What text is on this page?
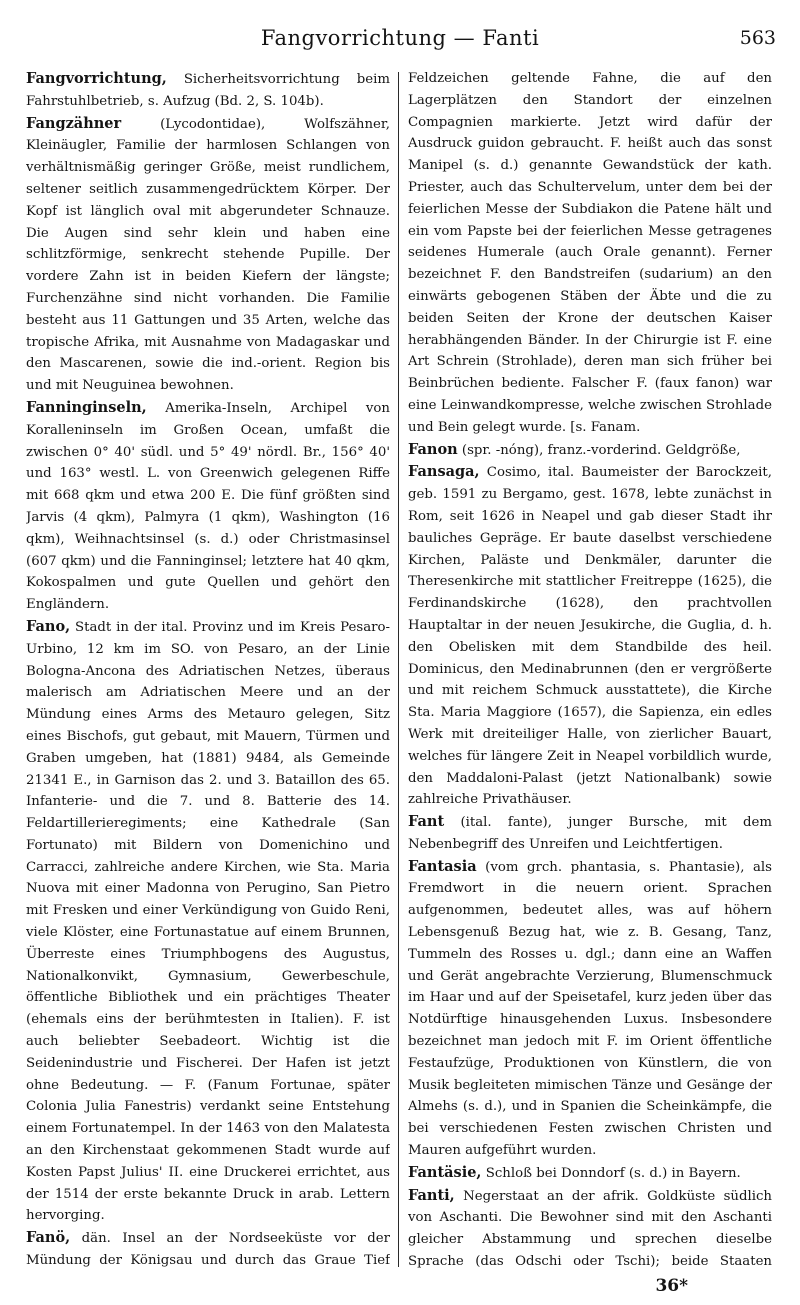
Fangvorrichtung — Fanti	563

Fangvorrichtung, Sicherheitsvorrichtung beim Fahrstuhlbetrieb, s. Aufzug (Bd. 2, S. 104b).

Fangzähner (Lycodontidae), Wolfszähner, Kleinäugler, Familie der harmlosen Schlangen von verhältnismäßig geringer Größe, meist rundlichem, seltener seitlich zusammengedrücktem Körper. Der Kopf ist länglich oval mit abgerundeter Schnauze. Die Augen sind sehr klein und haben eine schlitzförmige, senkrecht stehende Pupille. Der vordere Zahn ist in beiden Kiefern der längste; Furchenzähne sind nicht vorhanden. Die Familie besteht aus 11 Gattungen und 35 Arten, welche das tropische Afrika, mit Ausnahme von Madagaskar und den Mascarenen, sowie die ind.-orient. Region bis und mit Neuguinea bewohnen.

Fanninginseln, Amerika-Inseln, Archipel von Koralleninseln im Großen Ocean, umfaßt die zwischen 0° 40' südl. und 5° 49' nördl. Br., 156° 40' und 163° westl. L. von Greenwich gelegenen Riffe mit 668 qkm und etwa 200 E. Die fünf größten sind Jarvis (4 qkm), Palmyra (1 qkm), Washington (16 qkm), Weihnachtsinsel (s. d.) oder Christmasinsel (607 qkm) und die Fanninginsel; letztere hat 40 qkm, Kokospalmen und gute Quellen und gehört den Engländern.

Fano, Stadt in der ital. Provinz und im Kreis Pesaro-Urbino, 12 km im SO. von Pesaro, an der Linie Bologna-Ancona des Adriatischen Netzes, überaus malerisch am Adriatischen Meere und an der Mündung eines Arms des Metauro gelegen, Sitz eines Bischofs, gut gebaut, mit Mauern, Türmen und Graben umgeben, hat (1881) 9484, als Gemeinde 21341 E., in Garnison das 2. und 3. Bataillon des 65. Infanterie- und die 7. und 8. Batterie des 14. Feldartillerieregiments; eine Kathedrale (San Fortunato) mit Bildern von Domenichino und Carracci, zahlreiche andere Kirchen, wie Sta. Maria Nuova mit einer Madonna von Perugino, San Pietro mit Fresken und einer Verkündigung von Guido Reni, viele Klöster, eine Fortunastatue auf einem Brunnen, Überreste eines Triumphbogens des Augustus, Nationalkonvikt, Gymnasium, Gewerbeschule, öffentliche Bibliothek und ein prächtiges Theater (ehemals eins der berühmtesten in Italien). F. ist auch beliebter Seebadeort. Wichtig ist die Seidenindustrie und Fischerei. Der Hafen ist jetzt ohne Bedeutung. — F. (Fanum Fortunae, später Colonia Julia Fanestris) verdankt seine Entstehung einem Fortunatempel. In der 1463 von den Malatesta an den Kirchenstaat gekommenen Stadt wurde auf Kosten Papst Julius' II. eine Druckerei errichtet, aus der 1514 der erste bekannte Druck in arab. Lettern hervorging.

Fanö, dän. Insel an der Nordseeküste vor der Mündung der Königsau und durch das Graue Tief

Feldzeichen geltende Fahne, die auf den Lagerplätzen den Standort der einzelnen Compagnien markierte. Jetzt wird dafür der Ausdruck guidon gebraucht. F. heißt auch das sonst Manipel (s. d.) genannte Gewandstück der kath. Priester, auch das Schultervelum, unter dem bei der feierlichen Messe der Subdiakon die Patene hält und ein vom Papste bei der feierlichen Messe getragenes seidenes Humerale (auch Orale genannt). Ferner bezeichnet F. den Bandstreifen (sudarium) an den einwärts gebogenen Stäben der Äbte und die zu beiden Seiten der Krone der deutschen Kaiser herabhängenden Bänder. In der Chirurgie ist F. eine Art Schrein (Strohlade), deren man sich früher bei Beinbrüchen bediente. Falscher F. (faux fanon) war eine Leinwandkompresse, welche zwischen Strohlade und Bein gelegt wurde. [s. Fanam.

Fanon (spr. -nóng), franz.-vorderind. Geldgröße,

Fansaga, Cosimo, ital. Baumeister der Barockzeit, geb. 1591 zu Bergamo, gest. 1678, lebte zunächst in Rom, seit 1626 in Neapel und gab dieser Stadt ihr bauliches Gepräge. Er baute daselbst verschiedene Kirchen, Paläste und Denkmäler, darunter die Theresenkirche mit stattlicher Freitreppe (1625), die Ferdinandskirche (1628), den prachtvollen Hauptaltar in der neuen Jesukirche, die Guglia, d. h. den Obelisken mit dem Standbilde des heil. Dominicus, den Medinabrunnen (den er vergrößerte und mit reichem Schmuck ausstattete), die Kirche Sta. Maria Maggiore (1657), die Sapienza, ein edles Werk mit dreiteiliger Halle, von zierlicher Bauart, welches für längere Zeit in Neapel vorbildlich wurde, den Maddaloni-Palast (jetzt Nationalbank) sowie zahlreiche Privathäuser.

Fant (ital. fante), junger Bursche, mit dem Nebenbegriff des Unreifen und Leichtfertigen.

Fantasia (vom grch. phantasia, s. Phantasie), als Fremdwort in die neuern orient. Sprachen aufgenommen, bedeutet alles, was auf höhern Lebensgenuß Bezug hat, wie z. B. Gesang, Tanz, Tummeln des Rosses u. dgl.; dann eine an Waffen und Gerät angebrachte Verzierung, Blumenschmuck im Haar und auf der Speisetafel, kurz jeden über das Notdürftige hinausgehenden Luxus. Insbesondere bezeichnet man jedoch mit F. im Orient öffentliche Festaufzüge, Produktionen von Künstlern, die von Musik begleiteten mimischen Tänze und Gesänge der Almehs (s. d.), und in Spanien die Scheinkämpfe, die bei verschiedenen Festen zwischen Christen und Mauren aufgeführt wurden.

Fantäsie, Schloß bei Donndorf (s. d.) in Bayern.

Fanti, Negerstaat an der afrik. Goldküste südlich von Aschanti. Die Bewohner sind mit den Aschanti gleicher Abstammung und sprechen dieselbe Sprache (das Odschi oder Tschi); beide Staaten

36*
